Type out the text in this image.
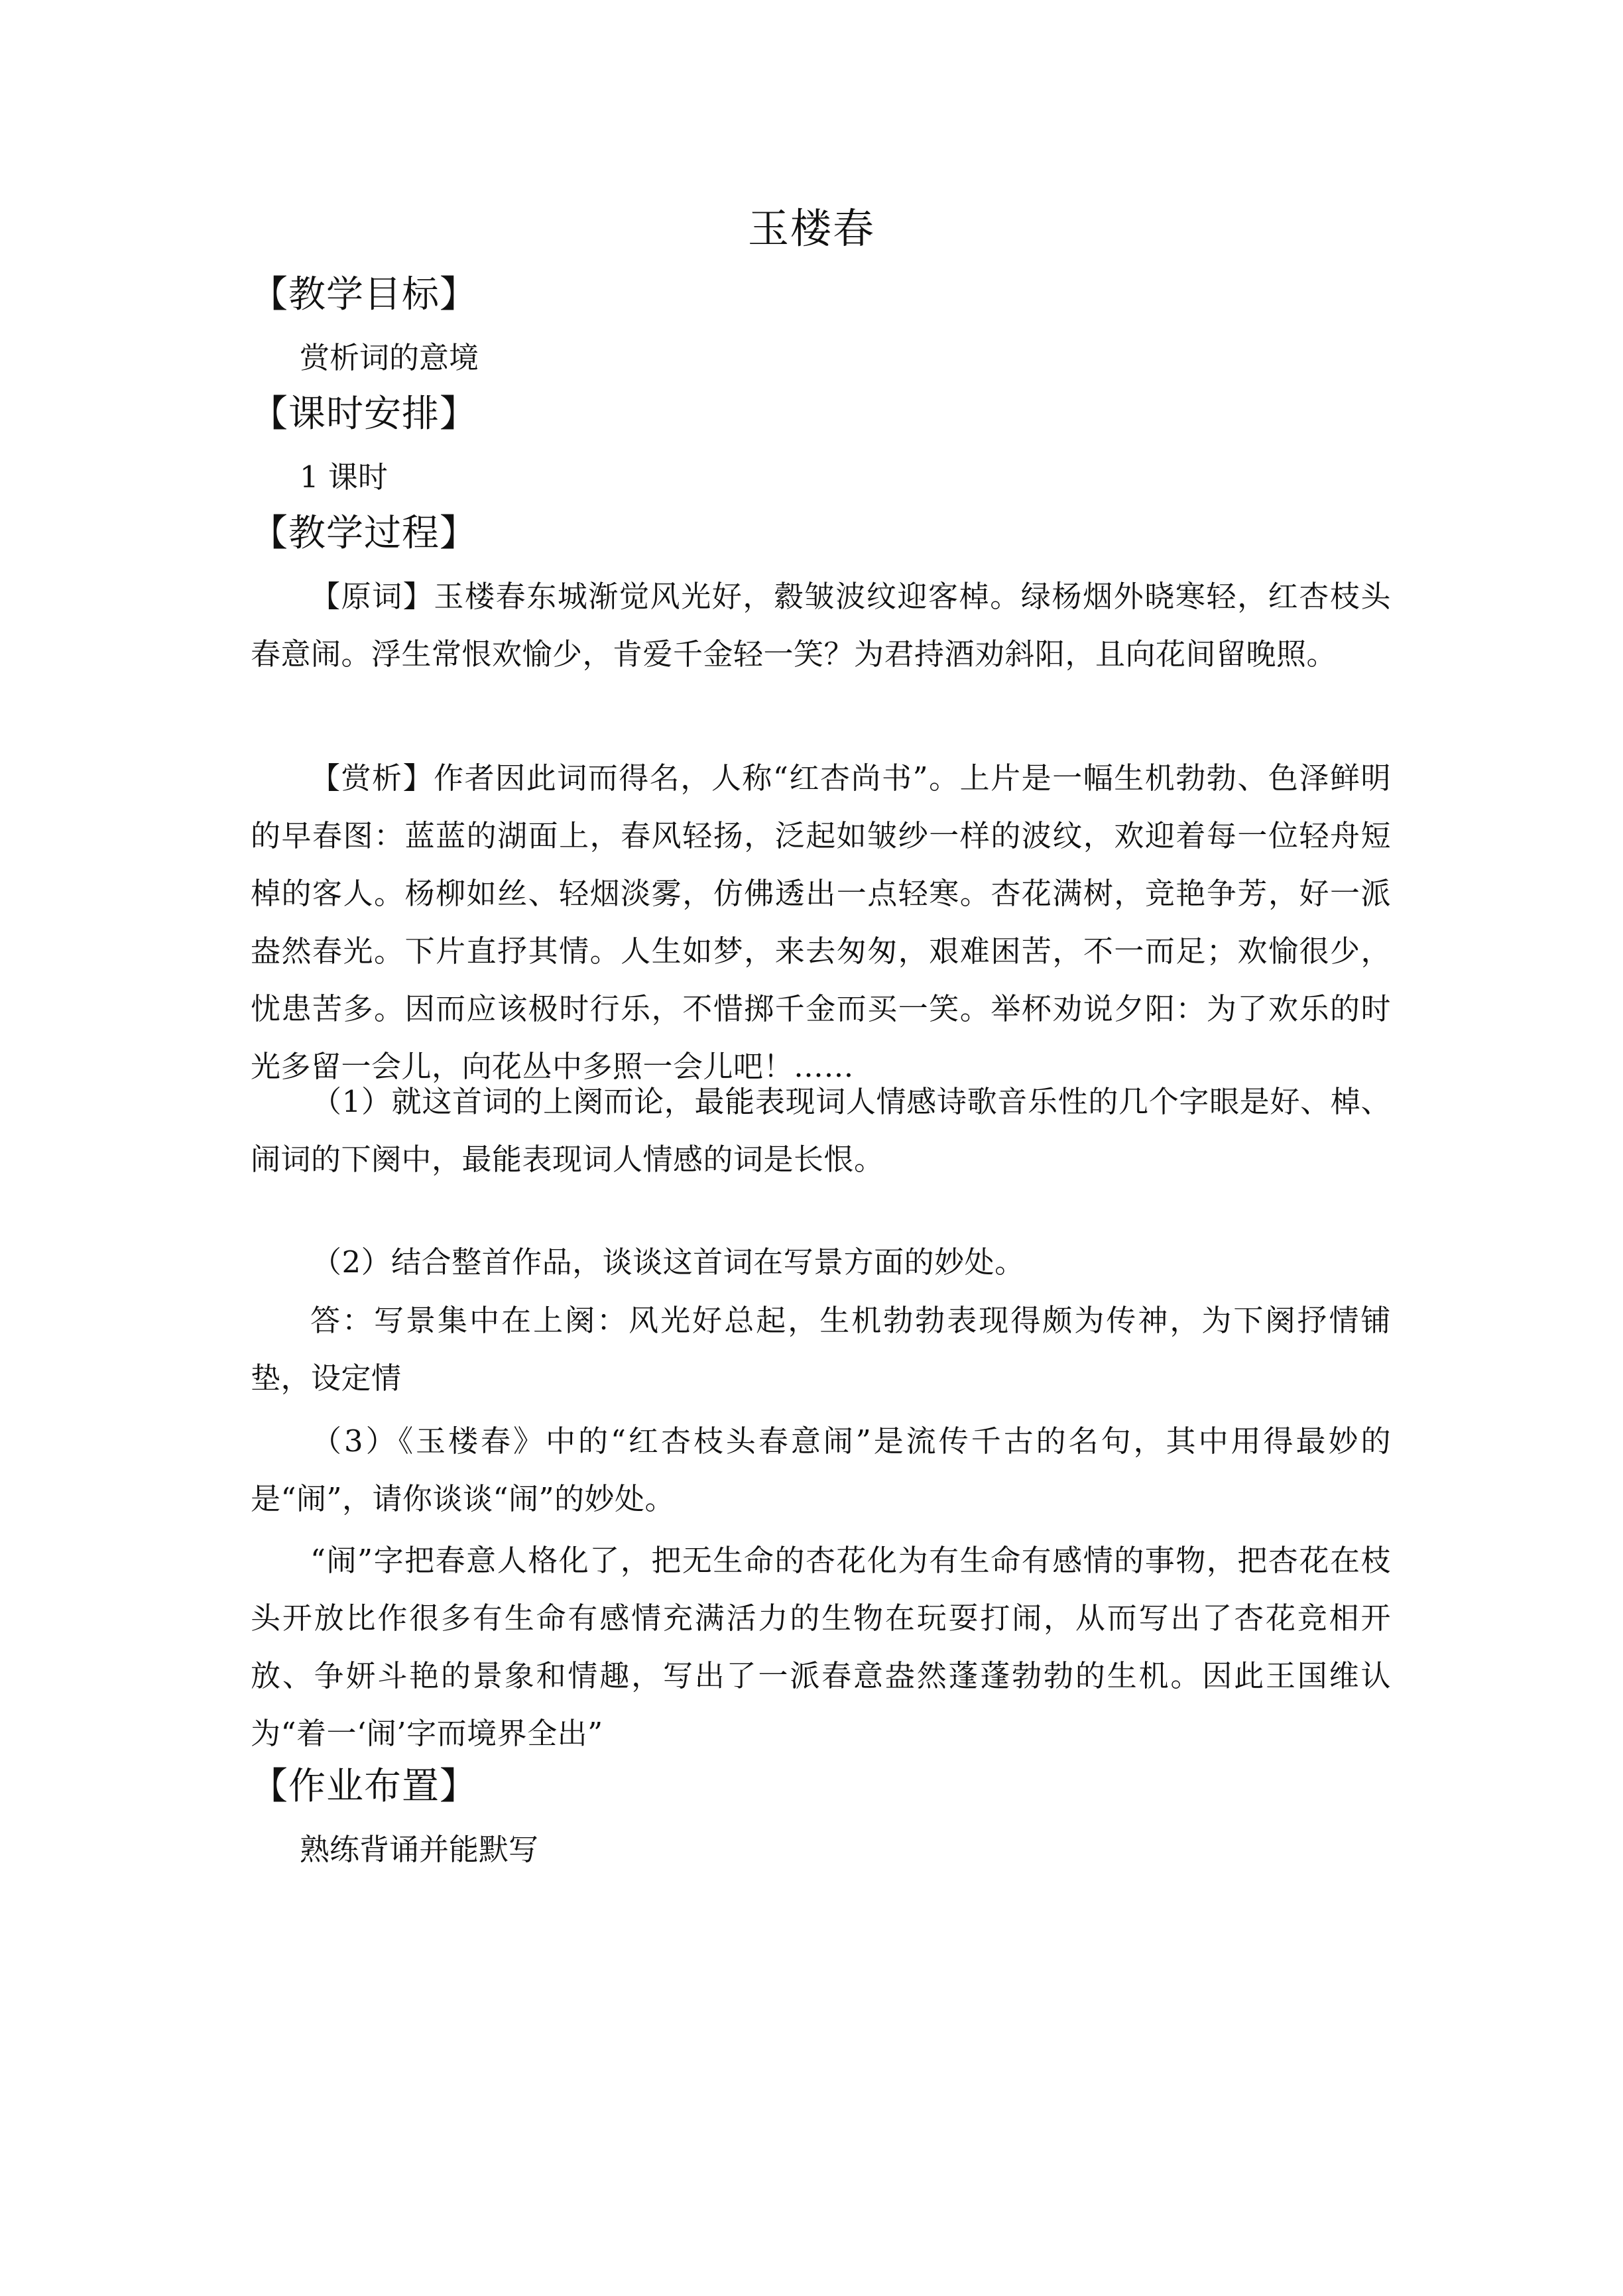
玉楼春
【教学目标】
赏析词的意境
【课时安排】
1 课时
【教学过程】
【原词】玉楼春东城渐觉风光好，縠皱波纹迎客棹。绿杨烟外晓寒轻，红杏枝头春意闹。浮生常恨欢愉少，肯爱千金轻一笑？为君持酒劝斜阳，且向花间留晚照。
【赏析】作者因此词而得名，人称“红杏尚书”。上片是一幅生机勃勃、色泽鲜明的早春图：蓝蓝的湖面上，春风轻扬，泛起如皱纱一样的波纹，欢迎着每一位轻舟短棹的客人。杨柳如丝、轻烟淡雾，仿佛透出一点轻寒。杏花满树，竞艳争芳，好一派盎然春光。下片直抒其情。人生如梦，来去匆匆，艰难困苦，不一而足；欢愉很少，忧患苦多。因而应该极时行乐，不惜掷千金而买一笑。举杯劝说夕阳：为了欢乐的时光多留一会儿，向花丛中多照一会儿吧！……
（1）就这首词的上阕而论，最能表现词人情感诗歌音乐性的几个字眼是好、棹、闹词的下阕中，最能表现词人情感的词是长恨。
（2）结合整首作品，谈谈这首词在写景方面的妙处。
答：写景集中在上阕：风光好总起，生机勃勃表现得颇为传神，为下阕抒情铺垫，设定情
（3）《玉楼春》中的“红杏枝头春意闹”是流传千古的名句，其中用得最妙的是“闹”，请你谈谈“闹”的妙处。
“闹”字把春意人格化了，把无生命的杏花化为有生命有感情的事物，把杏花在枝头开放比作很多有生命有感情充满活力的生物在玩耍打闹，从而写出了杏花竞相开放、争妍斗艳的景象和情趣，写出了一派春意盎然蓬蓬勃勃的生机。因此王国维认为“着一‘闹’字而境界全出”
【作业布置】
熟练背诵并能默写
